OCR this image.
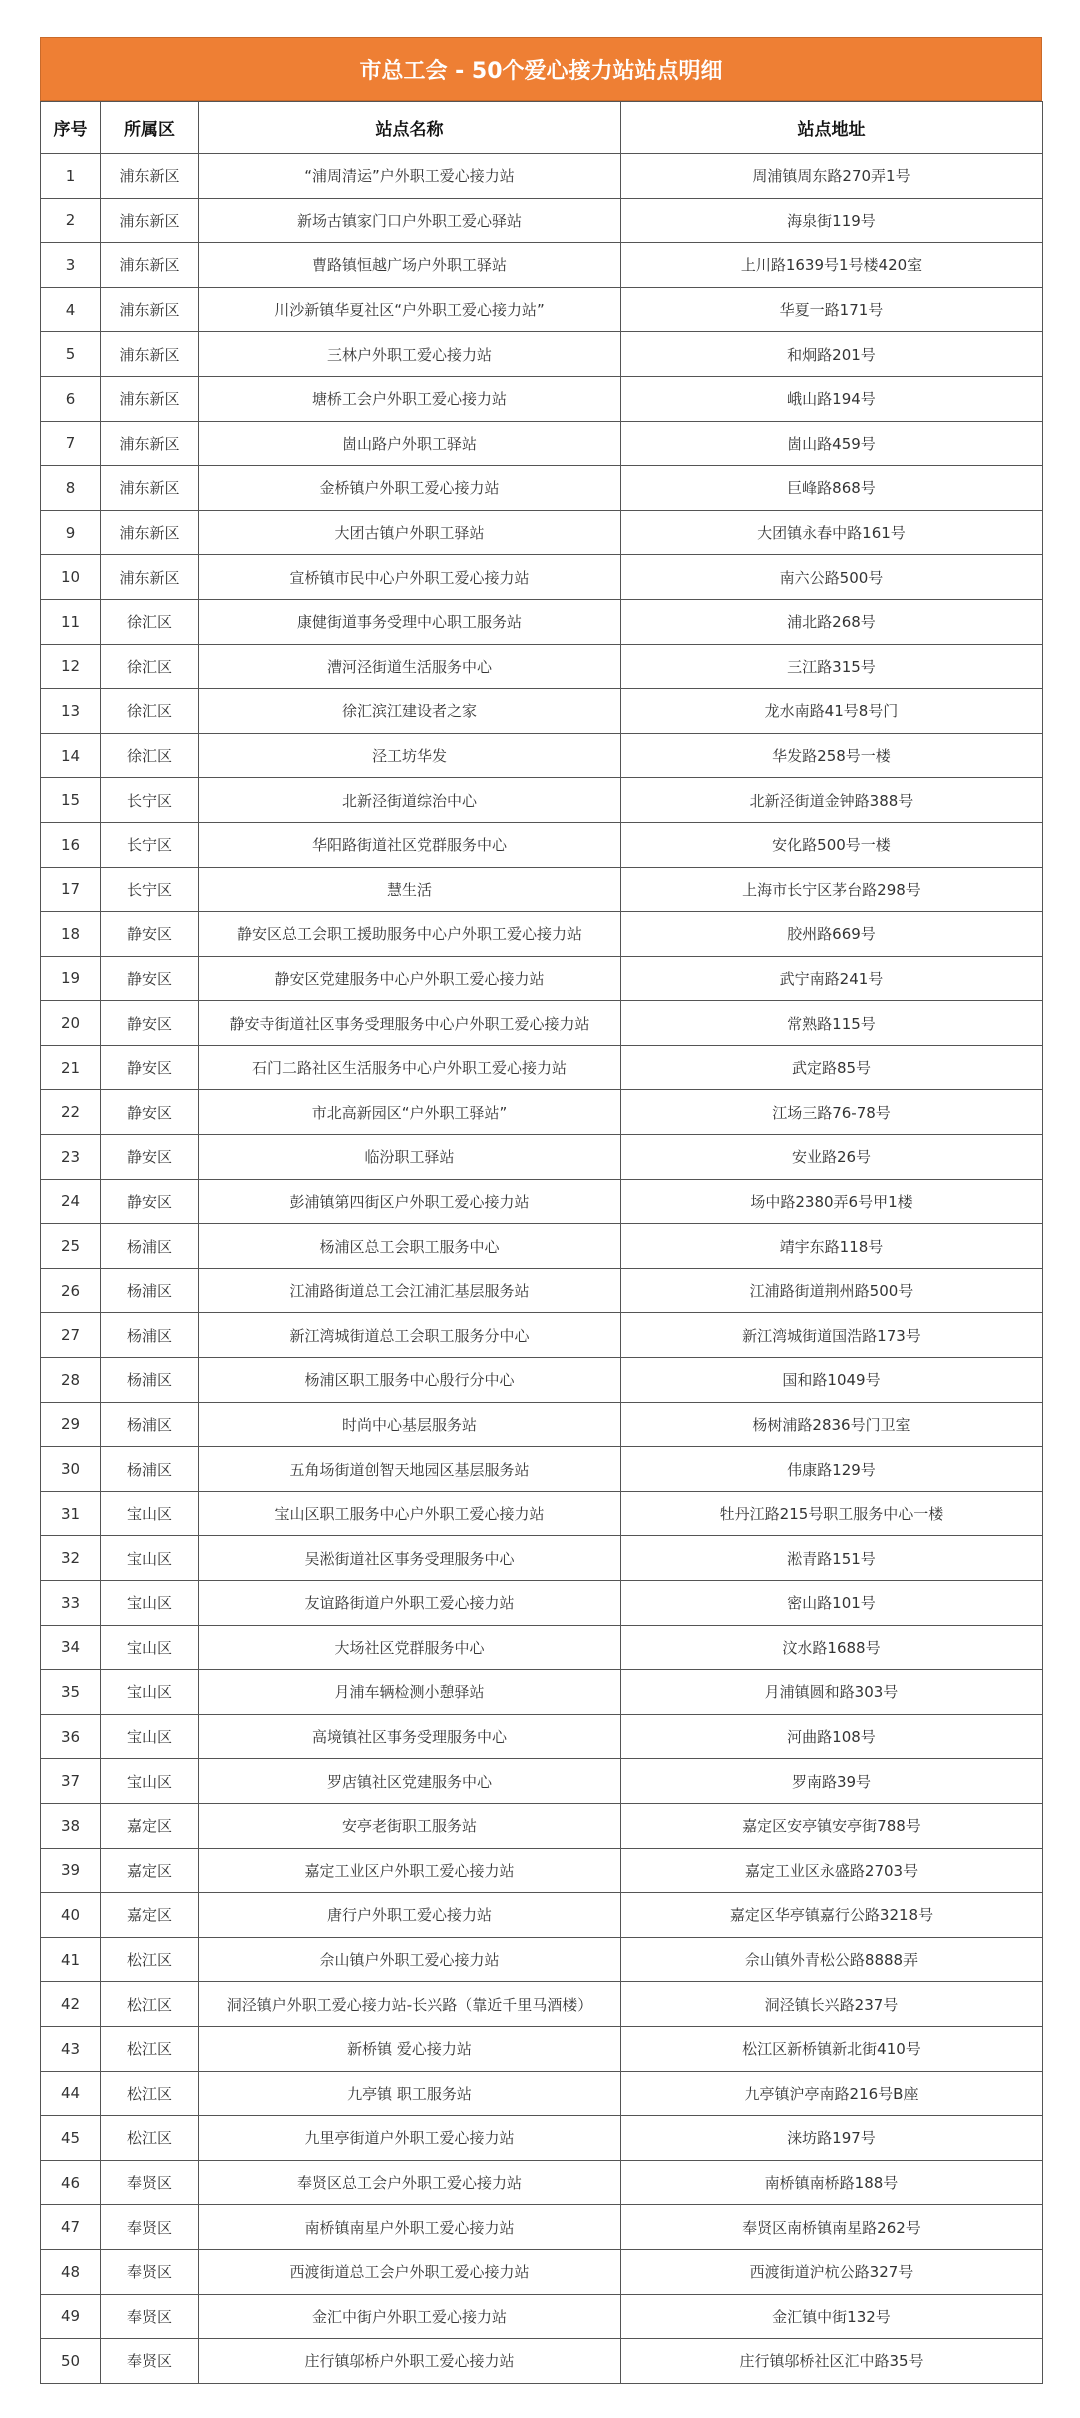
市总工会 - 50个爱心接力站站点明细
序号	所属区	站点名称	站点地址
1	浦东新区	“浦周清运”户外职工爱心接力站	周浦镇周东路270弄1号
2	浦东新区	新场古镇家门口户外职工爱心驿站	海泉街119号
3	浦东新区	曹路镇恒越广场户外职工驿站	上川路1639号1号楼420室
4	浦东新区	川沙新镇华夏社区“户外职工爱心接力站”	华夏一路171号
5	浦东新区	三林户外职工爱心接力站	和炯路201号
6	浦东新区	塘桥工会户外职工爱心接力站	峨山路194号
7	浦东新区	崮山路户外职工驿站	崮山路459号
8	浦东新区	金桥镇户外职工爱心接力站	巨峰路868号
9	浦东新区	大团古镇户外职工驿站	大团镇永春中路161号
10	浦东新区	宣桥镇市民中心户外职工爱心接力站	南六公路500号
11	徐汇区	康健街道事务受理中心职工服务站	浦北路268号
12	徐汇区	漕河泾街道生活服务中心	三江路315号
13	徐汇区	徐汇滨江建设者之家	龙水南路41号8号门
14	徐汇区	泾工坊华发	华发路258号一楼
15	长宁区	北新泾街道综治中心	北新泾街道金钟路388号
16	长宁区	华阳路街道社区党群服务中心	安化路500号一楼
17	长宁区	慧生活	上海市长宁区茅台路298号
18	静安区	静安区总工会职工援助服务中心户外职工爱心接力站	胶州路669号
19	静安区	静安区党建服务中心户外职工爱心接力站	武宁南路241号
20	静安区	静安寺街道社区事务受理服务中心户外职工爱心接力站	常熟路115号
21	静安区	石门二路社区生活服务中心户外职工爱心接力站	武定路85号
22	静安区	市北高新园区“户外职工驿站”	江场三路76-78号
23	静安区	临汾职工驿站	安业路26号
24	静安区	彭浦镇第四街区户外职工爱心接力站	场中路2380弄6号甲1楼
25	杨浦区	杨浦区总工会职工服务中心	靖宇东路118号
26	杨浦区	江浦路街道总工会江浦汇基层服务站	江浦路街道荆州路500号
27	杨浦区	新江湾城街道总工会职工服务分中心	新江湾城街道国浩路173号
28	杨浦区	杨浦区职工服务中心殷行分中心	国和路1049号
29	杨浦区	时尚中心基层服务站	杨树浦路2836号门卫室
30	杨浦区	五角场街道创智天地园区基层服务站	伟康路129号
31	宝山区	宝山区职工服务中心户外职工爱心接力站	牡丹江路215号职工服务中心一楼
32	宝山区	吴淞街道社区事务受理服务中心	淞青路151号
33	宝山区	友谊路街道户外职工爱心接力站	密山路101号
34	宝山区	大场社区党群服务中心	汶水路1688号
35	宝山区	月浦车辆检测小憩驿站	月浦镇圆和路303号
36	宝山区	高境镇社区事务受理服务中心	河曲路108号
37	宝山区	罗店镇社区党建服务中心	罗南路39号
38	嘉定区	安亭老街职工服务站	嘉定区安亭镇安亭街788号
39	嘉定区	嘉定工业区户外职工爱心接力站	嘉定工业区永盛路2703号
40	嘉定区	唐行户外职工爱心接力站	嘉定区华亭镇嘉行公路3218号
41	松江区	佘山镇户外职工爱心接力站	佘山镇外青松公路8888弄
42	松江区	洞泾镇户外职工爱心接力站-长兴路（靠近千里马酒楼）	洞泾镇长兴路237号
43	松江区	新桥镇 爱心接力站	松江区新桥镇新北街410号
44	松江区	九亭镇 职工服务站	九亭镇沪亭南路216号B座
45	松江区	九里亭街道户外职工爱心接力站	涞坊路197号
46	奉贤区	奉贤区总工会户外职工爱心接力站	南桥镇南桥路188号
47	奉贤区	南桥镇南星户外职工爱心接力站	奉贤区南桥镇南星路262号
48	奉贤区	西渡街道总工会户外职工爱心接力站	西渡街道沪杭公路327号
49	奉贤区	金汇中街户外职工爱心接力站	金汇镇中街132号
50	奉贤区	庄行镇邬桥户外职工爱心接力站	庄行镇邬桥社区汇中路35号
